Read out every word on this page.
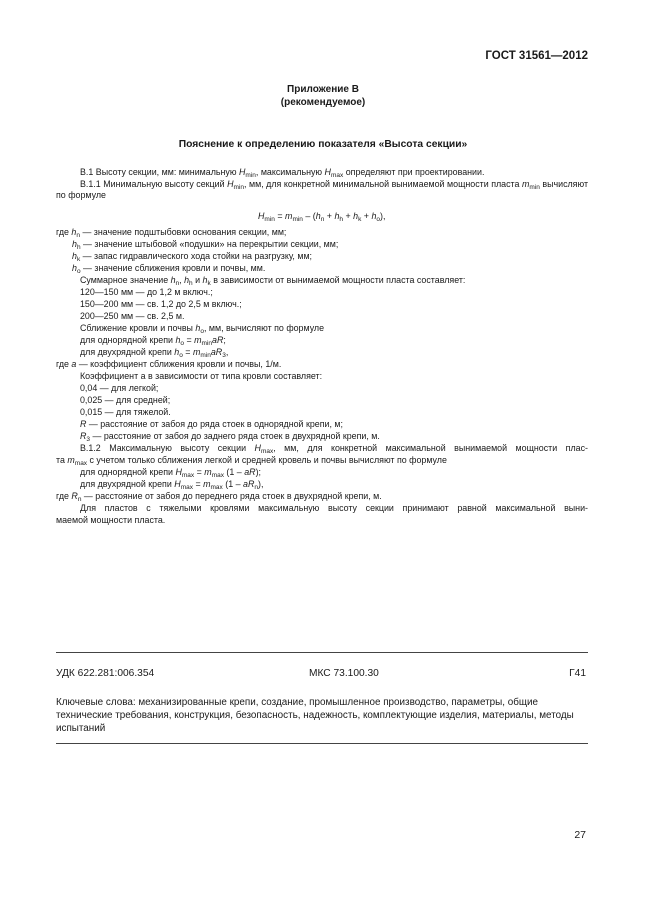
ГОСТ 31561—2012
Приложение В
(рекомендуемое)
Пояснение к определению показателя «Высота секции»
В.1 Высоту секции, мм: минимальную $H_{min}$, максимальную $H_{max}$ определяют при проектировании.
В.1.1 Минимальную высоту секций $H_{min}$, мм, для конкретной минимальной вынимаемой мощности пласта $m_{min}$ вычисляют по формуле
$H_{min} = m_{min} - (h_n + h_h + h_k + h_o)$,
где $h_n$ — значение подштыбовки основания секции, мм;
$h_h$ — значение штыбовой «подушки» на перекрытии секции, мм;
$h_k$ — запас гидравлического хода стойки на разгрузку, мм;
$h_o$ — значение сближения кровли и почвы, мм.
Суммарное значение $h_n$, $h_h$ и $h_k$ в зависимости от вынимаемой мощности пласта составляет:
120—150 мм — до 1,2 м включ.;
150—200 мм — св. 1,2 до 2,5 м включ.;
200—250 мм — св. 2,5 м.
Сближение кровли и почвы $h_o$, мм, вычисляют по формуле
для однорядной крепи $h_o = m_{min}aR$;
для двухрядной крепи $h_o = m_{min}aR_3$,
где a — коэффициент сближения кровли и почвы, 1/м.
Коэффициент а в зависимости от типа кровли составляет:
0,04 — для легкой;
0,025 — для средней;
0,015 — для тяжелой.
R — расстояние от забоя до ряда стоек в однорядной крепи, м;
$R_3$ — расстояние от забоя до заднего ряда стоек в двухрядной крепи, м.
В.1.2 Максимальную высоту секции $H_{max}$, мм, для конкретной максимальной вынимаемой мощности плас-
та $m_{max}$ с учетом только сближения легкой и средней кровель и почвы вычисляют по формуле
для однорядной крепи $H_{max} = m_{max}$ (1 – aR);
для двухрядной крепи $H_{max} = m_{max}$ $(1 - aR_n)$,
где $R_n$ — расстояние от забоя до переднего ряда стоек в двухрядной крепи, м.
Для пластов с тяжелыми кровлями максимальную высоту секции принимают равной максимальной выни-
маемой мощности пласта.
УДК 622.281:006.354	МКС 73.100.30	Г41
Ключевые слова: механизированные крепи, создание, промышленное производство, параметры, общие технические требования, конструкция, безопасность, надежность, комплектующие изделия, материалы, методы испытаний
27
